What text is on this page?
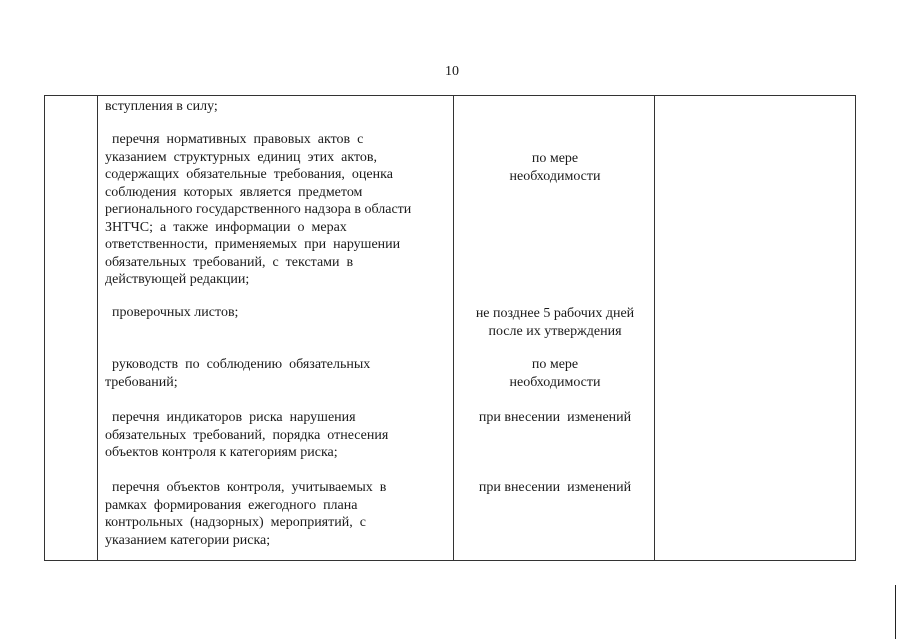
10
вступления в силу;
перечня  нормативных  правовых  актов  с
указанием  структурных  единиц  этих  актов,
содержащих  обязательные  требования,  оценка
соблюдения  которых  является  предметом
регионального государственного надзора в области
ЗНТЧС;  а  также  информации  о  мерах
ответственности,  применяемых  при  нарушении
обязательных  требований,  с  текстами  в
действующей редакции;
по мере
необходимости
проверочных листов;	не позднее 5 рабочих дней
после их утверждения
руководств  по  соблюдению  обязательных
требований;
по мере
необходимости
перечня  индикаторов  риска  нарушения
обязательных  требований,  порядка  отнесения
объектов контроля к категориям риска;
при внесении  изменений
перечня  объектов  контроля,  учитываемых  в
рамках  формирования  ежегодного  плана
контрольных  (надзорных)  мероприятий,  с
указанием категории риска;
при внесении  изменений
